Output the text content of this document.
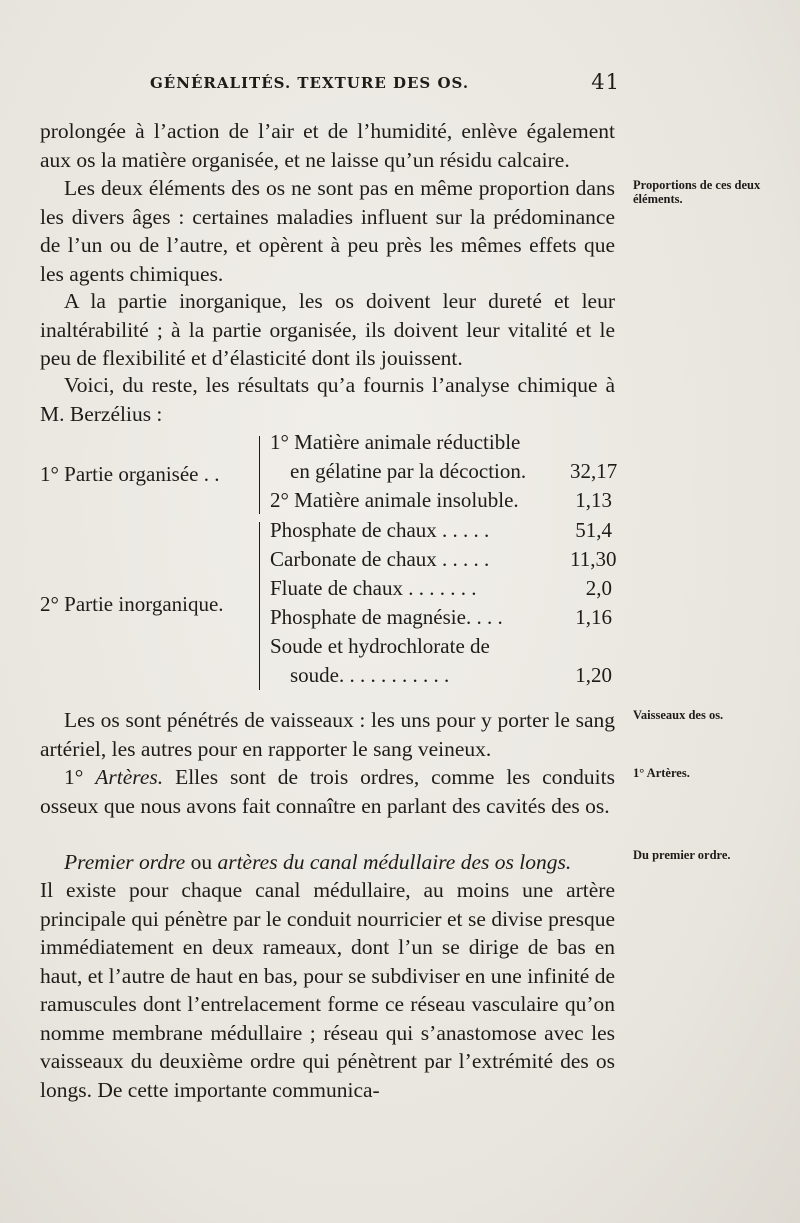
GÉNÉRALITÉS. TEXTURE DES OS.	41
prolongée à l’action de l’air et de l’humidité, enlève également aux os la matière organisée, et ne laisse qu’un résidu calcaire.
Les deux éléments des os ne sont pas en même proportion dans les divers âges : certaines maladies influent sur la prédominance de l’un ou de l’autre, et opèrent à peu près les mêmes effets que les agents chimiques.
A la partie inorganique, les os doivent leur dureté et leur inaltérabilité ; à la partie organisée, ils doivent leur vitalité et le peu de flexibilité et d’élasticité dont ils jouissent.
Voici, du reste, les résultats qu’a fournis l’analyse chimique à M. Berzélius :
1° Partie organisée . .
1° Matière animale réductible
en gélatine par la décoction. 32,17
2° Matière animale insoluble.	1,13
2° Partie inorganique.
Phosphate de chaux . . . . .	51,4
Carbonate de chaux . . . . .	11,30
Fluate de chaux . . . . . . .	2,0
Phosphate de magnésie. . . .	1,16
Soude et hydrochlorate de
soude. . . . . . . . . . .	1,20
Les os sont pénétrés de vaisseaux : les uns pour y porter le sang artériel, les autres pour en rapporter le sang veineux.
1° Artères. Elles sont de trois ordres, comme les conduits osseux que nous avons fait connaître en parlant des cavités des os.
Premier ordre ou artères du canal médullaire des os longs.
Il existe pour chaque canal médullaire, au moins une artère principale qui pénètre par le conduit nourricier et se divise presque immédiatement en deux rameaux, dont l’un se dirige de bas en haut, et l’autre de haut en bas, pour se subdiviser en une infinité de ramuscules dont l’entrelacement forme ce réseau vasculaire qu’on nomme membrane médullaire ; réseau qui s’anastomose avec les vaisseaux du deuxième ordre qui pénètrent par l’extrémité des os longs. De cette importante communica-
Proportions de ces deux éléments.
Vaisseaux des os.
1° Artères.
Du premier ordre.
